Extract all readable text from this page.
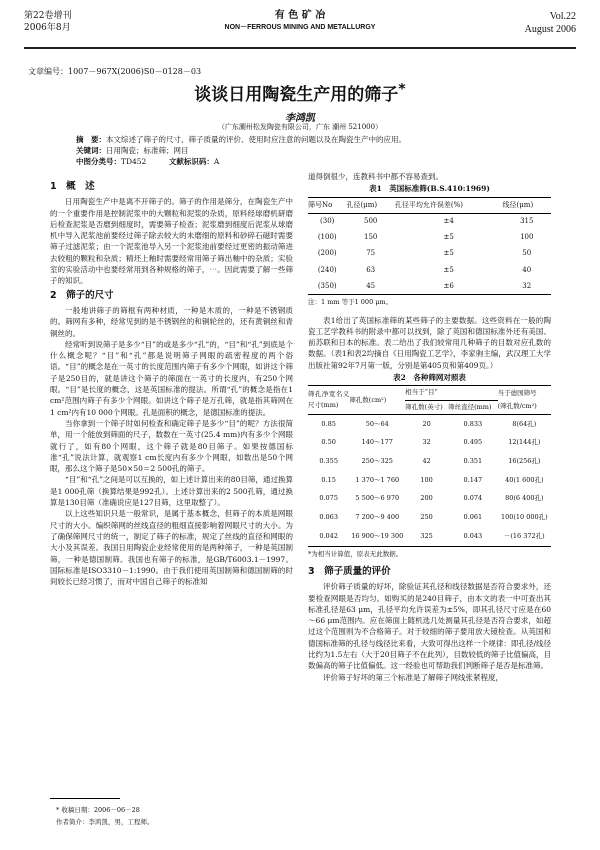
第22卷增刊
2006年8月
有 色 矿 冶
NON－FERROUS MINING AND METALLURGY
Vol.22
August 2006
文章编号：1007－967X(2006)S0－0128－03
谈谈日用陶瓷生产用的筛子*
李鸿凯
（广东潮州松发陶瓷有限公司，广东 潮州 521000）
摘　要：本文综述了筛子的尺寸、筛子质量的评价、使用时应注意的问题以及在陶瓷生产中的应用。
关键词：日用陶瓷；标准筛；网目
中图分类号：TD452   	文献标识码：A
1　概　述

日用陶瓷生产中是离不开筛子的。筛子的作用是筛分，在陶瓷生产中的一个重要作用是控制泥浆中的大颗粒和泥浆的杂质，原料经球磨机研磨后检查泥浆是否磨到细度时，需要筛子检查；泥浆磨到细度后泥浆从球磨机中导入泥浆池前要经过筛子除去较大的未磨细的原料和砂碎石磁时需要筛子过滤泥浆；由一个泥浆池导入另一个泥浆池前要经过更密的振动筛进去较粗的颗粒和杂质；精坯上釉时需要经常用筛子筛出釉中的杂质；实验室的实验活动中也要经常用到各种规格的筛子，⋯。因此需要了解一些筛子的知识。

2　筛子的尺寸

一般地讲筛子的筛框有两种材质，一种是木质的，一种是不锈钢质的。筛网有多种，经常见到的是不锈钢丝的和铜轮丝的，还有黄铜丝和青铜丝的。

经常听到说筛子是多少“目”的或是多少“孔”的，“目”和“孔”到底是个什么概念呢？“目”和“孔”都是说明筛子网眼的疏密程度的两个俗语。“目”的概念是在一英寸的长度范围内筛子有多少个网眼，如讲这个筛子是250目的，就是讲这个筛子的筛面在一英寸的长度内，有250个网眼。“目”是长度的概念，这是英国标准的提法。所谓“孔”的概念是指在1 cm²范围内筛子有多少个网眼。如讲这个筛子是万孔筛，就是指其筛网在1 cm²内有10 000个网眼。孔是面积的概念，是德国标准的提法。

当你拿到一个筛子时如何检查和确定筛子是多少“目”的呢？方法很简单，用一个能放到筛面的尺子，数数在一英寸(25.4 mm)内有多少个网眼就行了，如有80个网眼，这个筛子就是80目筛子。如果按德国标准“孔”说法计算，就观察1 cm长度内有多少个网眼，如数出是50个网眼，那么这个筛子是50×50＝2 500孔的筛子。

“目”和“孔”之间是可以互换的，如上述计算出来的80目筛，通过换算是1 000孔筛（换算结果是992孔）。上述计算出来的2 500孔筛，通过换算是130目筛（准确说应是127目筛，这里取整了）。

以上这些知识只是一般常识，是属于基本概念，但筛子的本质是网眼尺寸的大小。编织筛网的丝线直径的粗细直接影响着网眼尺寸的大小。为了确保筛网尺寸的统一，制定了筛子的标准，规定了丝线的直径和网眼的大小及其误差。我国日用陶瓷企业经常使用的是两种筛子，一种是英国制筛，一种是德国制筛。我国也有筛子的标准，是GB/T6003.1－1997。国际标准是ISO3310－1:1990。由于我们使用英国制筛和德国制筛的时间较长已经习惯了，而对中国自己筛子的标准知

道得倒很少，连教科书中都不容易查到。

表1　英国标准筛(B.S.410:1969)
筛号No	孔径(μm)	孔径平均允许误差(%)	线径(μm)
(30)	500	±4	315
(100)	150	±5	100
(200)	75	±5	50
(240)	63	±5	40
(350)	45	±6	32
注：1 mm 等于1 000 μm。

表1给出了英国标准筛的某些筛子的主要数据。这些资料在一般的陶瓷工艺学教科书的附录中都可以找到，除了英国和德国标准外还有美国、前苏联和日本的标准。表二给出了我们较常用几种筛子的目数对应孔数的数据。（表1和表2均摘自《日用陶瓷工艺学》，李家驹主编，武汉理工大学出版社第92年7月第一版，分别是第405页和第409页。）

表2　各种筛网对照表
筛孔净宽名义尺寸(mm)	筛孔数(cm²)	相当于“目”		当于德国筛号
		筛孔数(英寸)	筛丝直径(mm)	(筛孔数/cm²)
0.85	50～64	20	0.833	8(64孔)
0.50	140～177	32	0.495	12(144孔)
0.355	250～325	42	0.351	16(256孔)
0.15	1 370～1 760	100	0.147	40(1 600孔)
0.075	5 500～6 970	200	0.074	80(6 400孔)
0.063	7 200～9 400	250	0.061	100(10 000孔)
0.042	16 900～19 300	325	0.043	－(16 372孔)
*为相当计算值，原表无此数据。
3　筛子质量的评价

评价筛子质量的好坏，除验证其孔径和线径数据是否符合要求外，还要检查网眼是否均匀。如购买的是240目筛子，由本文的表一中可查出其标准孔径是63 μm，孔径平均允许误差为±5%，即其孔径尺寸应是在60～66 μm范围内。应在筛面上随机选几处测量其孔径是否符合要求，如超过这个范围则为不合格筛子。对于较细的筛子要用放大镜检查。从英国和德国标准筛的孔径与线径比来看，大致可得出这样一个规律：即孔径/线径比约为1.5左右（大于20目筛子不在此列），目数较低的筛子比值偏高，目数偏高的筛子比值偏低。这一经验也可帮助我们判断筛子是否是标准筛。

评价筛子好坏的第三个标准是了解筛子网线张紧程度，

* 收稿日期：2006－06－28
作者简介：李鸿凯，男，工程师。
